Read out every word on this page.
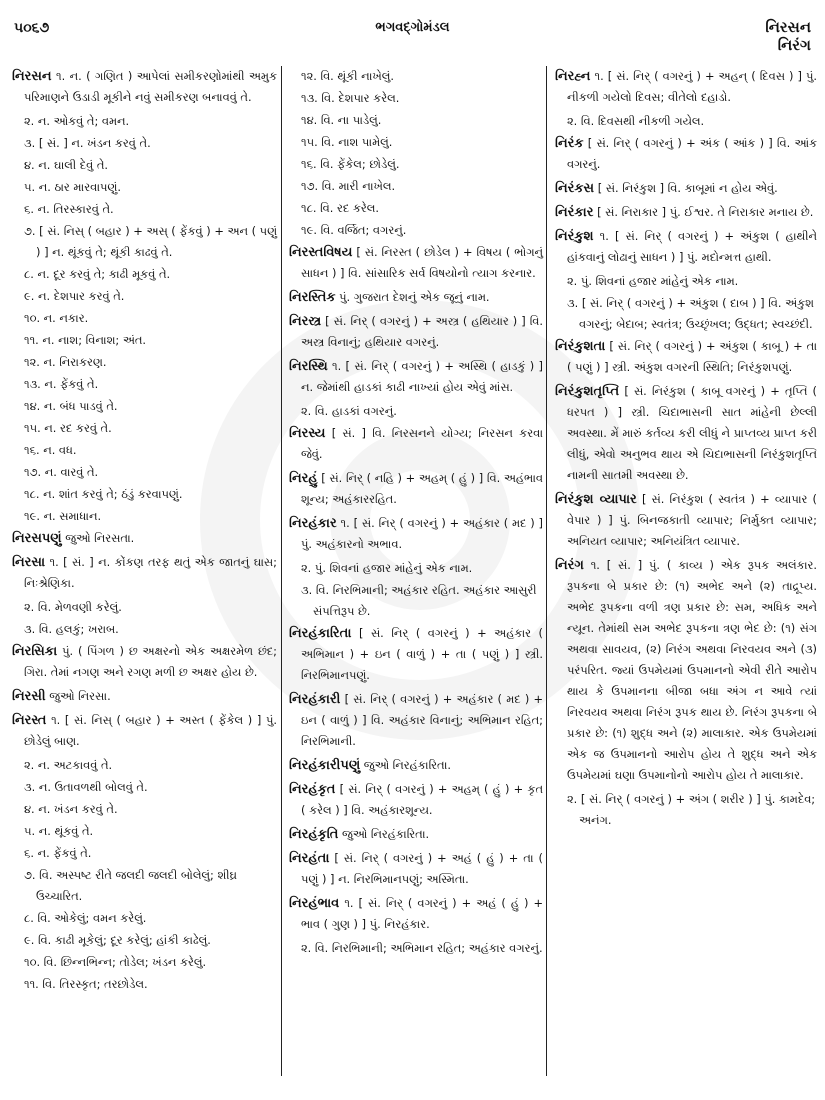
૫૦૬૭	ભગવદ્ગોમંડલ	નિરસન
નિરંગ
નિરસન ૧. ન. ( ગણિત ) આપેલાં સમીકરણોમાંથી અમુક પરિમાણને ઉડાડી મૂકીને નવું સમીકરણ બનાવવું તે.
૨. ન. ઓકવું તે; વમન.
૩. [ સં. ] ન. ખંડન કરવું તે.
૪. ન. ઘાલી દેવું તે.
૫. ન. ઠાર મારવાપણું.
૬. ન. તિરસ્કારવું તે.
૭. [ સં. નિસ્ ( બહાર ) + અસ્ ( ફેંકવું ) + અન ( પણું ) ] ન. થૂંકવું તે; થૂંકી કાઢવું તે.
૮. ન. દૂર કરવું તે; કાઢી મૂકવું તે.
૯. ન. દેશપાર કરવું તે.
૧૦. ન. નકાર.
૧૧. ન. નાશ; વિનાશ; અંત.
૧૨. ન. નિરાકરણ.
૧૩. ન. ફેંકવું તે.
૧૪. ન. બંધ પાડવું તે.
૧૫. ન. રદ કરવું તે.
૧૬. ન. વધ.
૧૭. ન. વારવું તે.
૧૮. ન. શાંત કરવું તે; ઠંડું કરવાપણું.
૧૯. ન. સમાધાન.
નિરસપણું જુઓ નિરસતા.
નિરસા ૧. [ સં. ] ન. કોંકણ તરફ થતું એક જાતનું ઘાસ; નિઃશ્રેણિકા.
૨. વિ. મેળવણી કરેલું.
૩. વિ. હલકું; ખરાબ.
નિરસિકા પું. ( પિંગળ ) છ અક્ષરનો એક અક્ષરમેળ છંદ; ગિરા. તેમાં નગણ અને રગણ મળી છ અક્ષર હોય છે.
નિરસી જુઓ નિરસા.
નિરસ્ત ૧. [ સં. નિસ્ ( બહાર ) + અસ્ત ( ફેંકેલ ) ] પું. છોડેલું બાણ.
૨. ન. અટકાવવું તે.
૩. ન. ઉતાવળથી બોલવું તે.
૪. ન. ખંડન કરવું તે.
૫. ન. થૂંકવું તે.
૬. ન. ફેંકવું તે.
૭. વિ. અસ્પષ્ટ રીતે જલદી જલદી બોલેલું; શીઘ્ર ઉચ્ચારિત.
૮. વિ. ઓકેલું; વમન કરેલું.
૯. વિ. કાઢી મૂકેલું; દૂર કરેલું; હાંકી કાઢેલું.
૧૦. વિ. છિન્નભિન્ન; તોડેલ; ખંડન કરેલું.
૧૧. વિ. તિરસ્કૃત; તરછોડેલ.
૧૨. વિ. થૂંકી નાખેલું.
૧૩. વિ. દેશપાર કરેલ.
૧૪. વિ. ના પાડેલું.
૧૫. વિ. નાશ પામેલું.
૧૬. વિ. ફેંકેલ; છોડેલું.
૧૭. વિ. મારી નાખેલ.
૧૮. વિ. રદ કરેલ.
૧૯. વિ. વર્જિત; વગરનું.
નિરસ્તવિષય [ સં. નિરસ્ત ( છોડેલ ) + વિષય ( ભોગનું સાધન ) ] વિ. સાંસારિક સર્વ વિષયોનો ત્યાગ કરનાર.
નિરસ્તિક પું. ગુજરાત દેશનું એક જૂનું નામ.
નિરસ્ત્ર [ સં. નિર્ ( વગરનું ) + અસ્ત્ર ( હથિયાર ) ] વિ. અસ્ત્ર વિનાનું; હથિયાર વગરનું.
નિરસ્થિ ૧. [ સં. નિર્ ( વગરનું ) + અસ્થિ ( હાડકું ) ] ન. જેમાંથી હાડકાં કાઢી નાખ્યાં હોય એવું માંસ.
૨. વિ. હાડકાં વગરનું.
નિરસ્ય [ સં. ] વિ. નિરસનને યોગ્ય; નિરસન કરવા જેવું.
નિરહું [ સં. નિર્ ( નહિ ) + અહમ્ ( હું ) ] વિ. અહંભાવ શૂન્ય; અહંકારરહિત.
નિરહંકાર ૧. [ સં. નિર્ ( વગરનું ) + અહંકાર ( મદ ) ] પું. અહંકારનો અભાવ.
૨. પું. શિવનાં હજાર માંહેનું એક નામ.
૩. વિ. નિરભિમાની; અહંકાર રહિત. અહંકાર આસુરી સંપત્તિરૂપ છે.
નિરહંકારિતા [ સં. નિર્ ( વગરનું ) + અહંકાર ( અભિમાન ) + ઇન ( વાળું ) + તા ( પણું ) ] સ્ત્રી. નિરભિમાનપણું.
નિરહંકારી [ સં. નિર્ ( વગરનું ) + અહંકાર ( મદ ) + ઇન ( વાળું ) ] વિ. અહંકાર વિનાનું; અભિમાન રહિત; નિરભિમાની.
નિરહંકારીપણું જુઓ નિરહંકારિતા.
નિરહંકૃત [ સં. નિર્ ( વગરનું ) + અહમ્ ( હું ) + કૃત ( કરેલ ) ] વિ. અહંકારશૂન્ય.
નિરહંકૃતિ જુઓ નિરહંકારિતા.
નિરહંતા [ સં. નિર્ ( વગરનું ) + અહં ( હું ) + તા ( પણું ) ] ન. નિરભિમાનપણું; અસ્મિતા.
નિરહંભાવ ૧. [ સં. નિર્ ( વગરનું ) + અહં ( હું ) + ભાવ ( ગુણ ) ] પું. નિરહંકાર.
૨. વિ. નિરભિમાની; અભિમાન રહિત; અહંકાર વગરનું.
નિરહ્ન ૧. [ સં. નિર્ ( વગરનું ) + અહન્ ( દિવસ ) ] પું. નીકળી ગયેલો દિવસ; વીતેલો દહાડો.
૨. વિ. દિવસથી નીકળી ગયેલ.
નિરંક [ સં. નિર્ ( વગરનું ) + અંક ( આંક ) ] વિ. આંક વગરનું.
નિરંકસ [ સં. નિરંકુશ ] વિ. કાબૂમાં ન હોય એવું.
નિરંકાર [ સં. નિરાકાર ] પું. ઈશ્વર. તે નિરાકાર મનાય છે.
નિરંકુશ ૧. [ સં. નિર્ ( વગરનું ) + અંકુશ ( હાથીને હાંકવાનું લોઢાનું સાધન ) ] પું. મદોન્મત્ત હાથી.
૨. પું. શિવનાં હજાર માંહેનું એક નામ.
૩. [ સં. નિર્ ( વગરનું ) + અંકુશ ( દાબ ) ] વિ. અંકુશ વગરનું; બેદાબ; સ્વતંત્ર; ઉચ્છૃંખલ; ઉદ્ધત; સ્વચ્છંદી.
નિરંકુશતા [ સં. નિર્ ( વગરનું ) + અંકુશ ( કાબૂ ) + તા ( પણું ) ] સ્ત્રી. અંકુશ વગરની સ્થિતિ; નિરંકુશપણું.
નિરંકુશતૃપ્તિ [ સં. નિરંકુશ ( કાબૂ વગરનું ) + તૃપ્તિ ( ધરપત ) ] સ્ત્રી. ચિદાભાસની સાત માંહેની છેલ્લી અવસ્થા. મેં મારું કર્તવ્ય કરી લીધું ને પ્રાપ્તવ્ય પ્રાપ્ત કરી લીધું, એવો અનુભવ થાય એ ચિદાભાસની નિરંકુશતૃપ્તિ નામની સાતમી અવસ્થા છે.
નિરંકુશ વ્યાપાર [ સં. નિરંકુશ ( સ્વતંત્ર ) + વ્યાપાર ( વેપાર ) ] પું. બિનજકાતી વ્યાપાર; નિર્મુક્ત વ્યાપાર; અનિયત વ્યાપાર; અનિયંત્રિત વ્યાપાર.
નિરંગ ૧. [ સં. ] પું. ( કાવ્ય ) એક રૂપક અલંકાર. રૂપકના બે પ્રકાર છે: (૧) અભેદ અને (૨) તાદ્રૂપ્ય. અભેદ રૂપકના વળી ત્રણ પ્રકાર છે: સમ, અધિક અને ન્યૂન. તેમાંથી સમ અભેદ રૂપકના ત્રણ ભેદ છે: (૧) સંગ અથવા સાવયવ, (૨) નિરંગ અથવા નિરવયવ અને (૩) પરંપરિત. જ્યાં ઉપમેયમાં ઉપમાનનો એવી રીતે આરોપ થાય કે ઉપમાનના બીજા બધા અંગ ન આવે ત્યાં નિરવયવ અથવા નિરંગ રૂપક થાય છે. નિરંગ રૂપકના બે પ્રકાર છે: (૧) શુદ્ધ અને (૨) માલાકાર. એક ઉપમેયમાં એક જ ઉપમાનનો આરોપ હોય તે શુદ્ધ અને એક ઉપમેયમાં ઘણા ઉપમાનોનો આરોપ હોય તે માલાકાર.
૨. [ સં. નિર્ ( વગરનું ) + અંગ ( શરીર ) ] પું. કામદેવ; અનંગ.
